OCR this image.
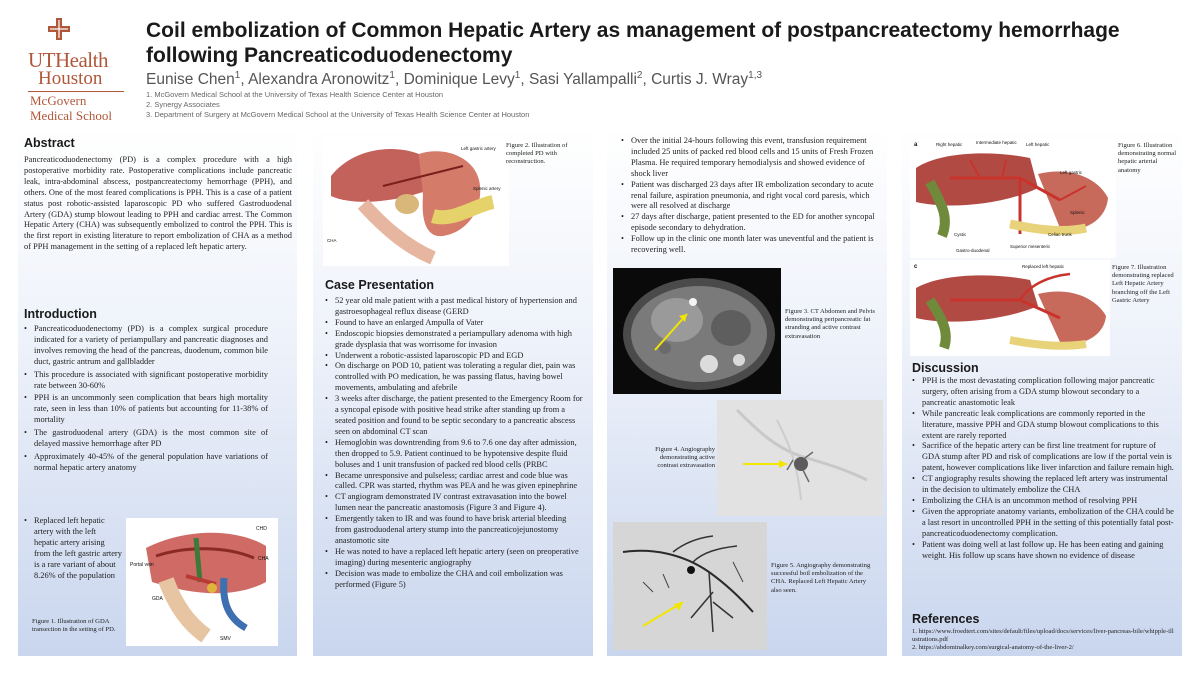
UTHealth
Houston
McGovern
Medical School
Coil embolization of Common Hepatic Artery as management of postpancreatectomy hemorrhage following Pancreaticoduodenectomy
Eunise Chen$^1$, Alexandra Aronowitz$^1$, Dominique Levy$^1$, Sasi Yallampalli$^2$, Curtis J. Wray$^{1,3}$
1. McGovern Medical School at the University of Texas Health Science Center at Houston
2. Synergy Associates
3. Department of Surgery at McGovern Medical School at the University of Texas Health Science Center at Houston
Abstract
Pancreaticoduodenectomy (PD) is a complex procedure with a high postoperative morbidity rate. Postoperative complications include pancreatic leak, intra-abdominal abscess, postpancreatectomy hemorrhage (PPH), and others. One of the most feared complications is PPH. This is a case of a patient status post robotic-assisted laparoscopic PD who suffered Gastroduodenal Artery (GDA) stump blowout leading to PPH and cardiac arrest. The Common Hepatic Artery (CHA) was subsequently embolized to control the PPH. This is the first report in existing literature to report embolization of CHA as a method of PPH management in the setting of a replaced left hepatic artery.
Introduction
• Pancreaticoduodenectomy (PD) is a complex surgical procedure indicated for a variety of periampullary and pancreatic diagnoses and involves removing the head of the pancreas, duodenum, common bile duct, gastric antrum and gallbladder
• This procedure is associated with significant postoperative morbidity rate between 30-60%
• PPH is an uncommonly seen complication that bears high mortality rate, seen in less than 10% of patients but accounting for 11-38% of mortality
• The gastroduodenal artery (GDA) is the most common site of delayed massive hemorrhage after PD
• Approximately 40-45% of the general population have variations of normal hepatic artery anatomy
• Replaced left hepatic artery with the left hepatic artery arising from the left gastric artery is a rare variant of about 8.26% of the population
CHD
CHA
Portal vein
GDA
SMV
Figure 1. Illustration of GDA transection in the setting of PD.
Left gastric artery
Splenic artery
CHA
Figure 2. Illustration of completed PD with reconstruction.
Case Presentation
• 52 year old male patient with a past medical history of hypertension and gastroesophageal reflux disease (GERD
• Found to have an enlarged Ampulla of Vater
• Endoscopic biopsies demonstrated a periampullary adenoma with high grade dysplasia that was worrisome for invasion
• Underwent a robotic-assisted laparoscopic PD and EGD
• On discharge on POD 10, patient was tolerating a regular diet, pain was controlled with PO medication, he was passing flatus, having bowel movements, ambulating and afebrile
• 3 weeks after discharge, the patient presented to the Emergency Room for a syncopal episode with positive head strike after standing up from a seated position and found to be septic secondary to a pancreatic abscess seen on abdominal CT scan
• Hemoglobin was downtrending from 9.6 to 7.6 one day after admission, then dropped to 5.9. Patient continued to be hypotensive despite fluid boluses and 1 unit transfusion of packed red blood cells (PRBC
• Became unresponsive and pulseless; cardiac arrest and code blue was called. CPR was started, rhythm was PEA and he was given epinephrine
• CT angiogram demonstrated IV contrast extravasation into the bowel lumen near the pancreatic anastomosis (Figure 3 and Figure 4).
• Emergently taken to IR and was found to have brisk arterial bleeding from gastroduodenal artery stump into the pancreaticojejunostomy anastomotic site
• He was noted to have a replaced left hepatic artery (seen on preoperative imaging) during mesenteric angiography
• Decision was made to embolize the CHA and coil embolization was performed (Figure 5)
• Over the initial 24-hours following this event, transfusion requirement included 25 units of packed red blood cells and 15 units of Fresh Frozen Plasma. He required temporary hemodialysis and showed evidence of shock liver
• Patient was discharged 23 days after IR embolization secondary to acute renal failure, aspiration pneumonia, and right vocal cord paresis, which were all resolved at discharge
• 27 days after discharge, patient presented to the ED for another syncopal episode secondary to dehydration.
• Follow up in the clinic one month later was uneventful and the patient is recovering well.
Figure 3. CT Abdomen and Pelvis demonstrating peripancreatic fat stranding and active contrast extravasation
Figure 4. Angiography demonstrating active contrast extravasation
Figure 5. Angiography demonstrating successful boil embolization of the CHA. Replaced Left Hepatic Artery also seen.
a	Right hepatic	Intermediate hepatic Left hepatic
Left gastric
Splenic
Cystic	Celiac trunk
Gastro-duodenal
Superior mesenteric
Figure 6. Illustration demonstrating normal hepatic arterial anatomy
c	Replaced left hepatic	Figure 7. Illustration demonstrating replaced Left Hepatic Artery branching off the Left Gastric Artery
Discussion
• PPH is the most devastating complication following major pancreatic surgery, often arising from a GDA stump blowout secondary to a pancreatic anastomotic leak
• While pancreatic leak complications are commonly reported in the literature, massive PPH and GDA stump blowout complications to this extent are rarely reported
• Sacrifice of the hepatic artery can be first line treatment for rupture of GDA stump after PD and risk of complications are low if the portal vein is patent, however complications like liver infarction and failure remain high.
• CT angiography results showing the replaced left artery was instrumental in the decision to ultimately embolize the CHA
• Embolizing the CHA is an uncommon method of resolving PPH
• Given the appropriate anatomy variants, embolization of the CHA could be a last resort in uncontrolled PPH in the setting of this potentially fatal post-pancreaticoduodenectomy complication.
• Patient was doing well at last follow up. He has been eating and gaining weight. His follow up scans have shown no evidence of disease
References
1. https://www.froedtert.com/sites/default/files/upload/docs/services/liver-pancreas-bile/whipple-illustrations.pdf
2. https://abdominalkey.com/surgical-anatomy-of-the-liver-2/
